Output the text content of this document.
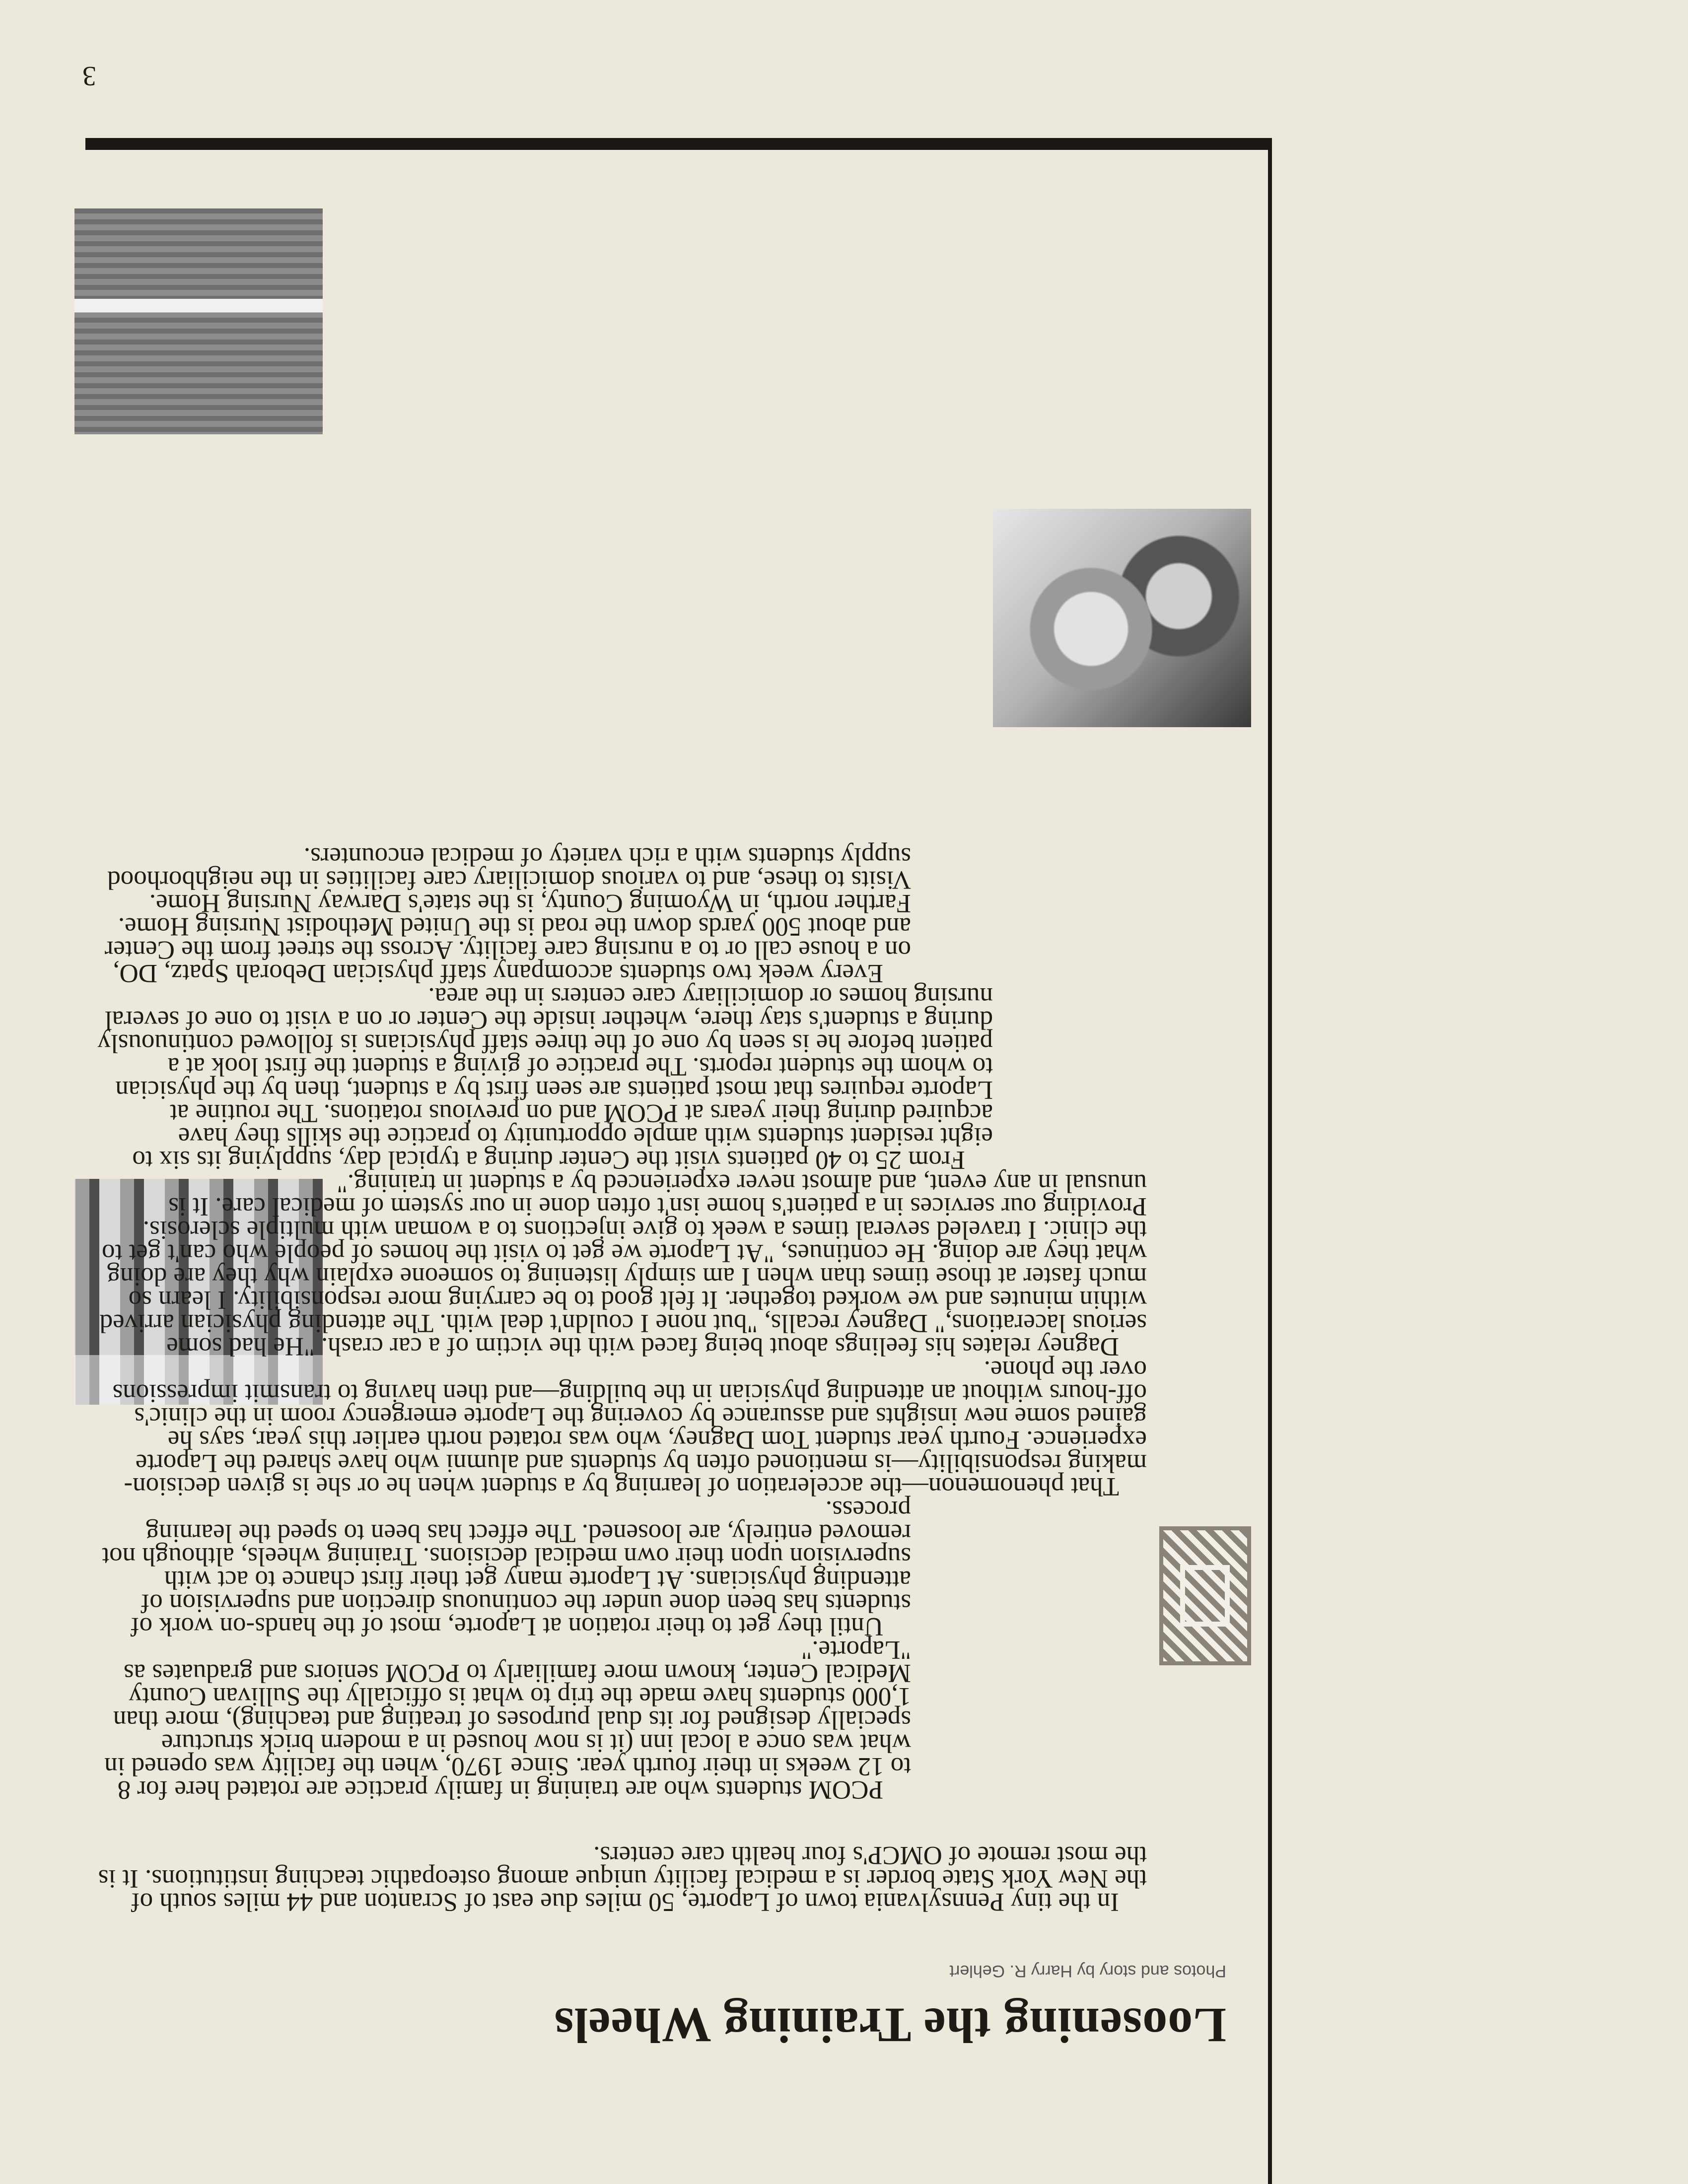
3

Loosening the Training Wheels
Photos and story by Harry R. Gehlert

In the tiny Pennsylvania town of Laporte, 50 miles due east of Scranton and 44 miles south of the New York State border is a medical facility unique among osteopathic teaching institutions. It is the most remote of OMCP's four health care centers.

PCOM students who are training in family practice are rotated here for 8 to 12 weeks in their fourth year. Since 1970, when the facility was opened in what was once a local inn (it is now housed in a modern brick structure specially designed for its dual purposes of treating and teaching), more than 1,000 students have made the trip to what is officially the Sullivan County Medical Center, known more familiarly to PCOM seniors and graduates as "Laporte."

Until they get to their rotation at Laporte, most of the hands-on work of students has been done under the continuous direction and supervision of attending physicians. At Laporte many get their first chance to act with supervision upon their own medical decisions. Training wheels, although not removed entirely, are loosened. The effect has been to speed the learning process.

That phenomenon—the acceleration of learning by a student when he or she is given decision-making responsibility—is mentioned often by students and alumni who have shared the Laporte experience. Fourth year student Tom Dagney, who was rotated north earlier this year, says he gained some new insights and assurance by covering the Laporte emergency room in the clinic's off-hours without an attending physician in the building—and then having to transmit impressions over the phone.

Dagney relates his feelings about being faced with the victim of a car crash. "He had some serious lacerations," Dagney recalls, "but none I couldn't deal with. The attending physician arrived within minutes and we worked together. It felt good to be carrying more responsibility. I learn so much faster at those times than when I am simply listening to someone explain why they are doing what they are doing. He continues, "At Laporte we get to visit the homes of people who can't get to the clinic. I traveled several times a week to give injections to a woman with multiple sclerosis. Providing our services in a patient's home isn't often done in our system of medical care. It is unusual in any event, and almost never experienced by a student in training."

From 25 to 40 patients visit the Center during a typical day, supplying its six to eight resident students with ample opportunity to practice the skills they have acquired during their years at PCOM and on previous rotations. The routine at Laporte requires that most patients are seen first by a student, then by the physician to whom the student reports. The practice of giving a student the first look at a patient before he is seen by one of the three staff physicians is followed continuously during a student's stay there, whether inside the Center or on a visit to one of several nursing homes or domiciliary care centers in the area.

Every week two students accompany staff physician Deborah Spatz, DO, on a house call or to a nursing care facility. Across the street from the Center and about 500 yards down the road is the United Methodist Nursing Home. Farther north, in Wyoming County, is the state's Darway Nursing Home. Visits to these, and to various domiciliary care facilities in the neighborhood supply students with a rich variety of medical encounters.
